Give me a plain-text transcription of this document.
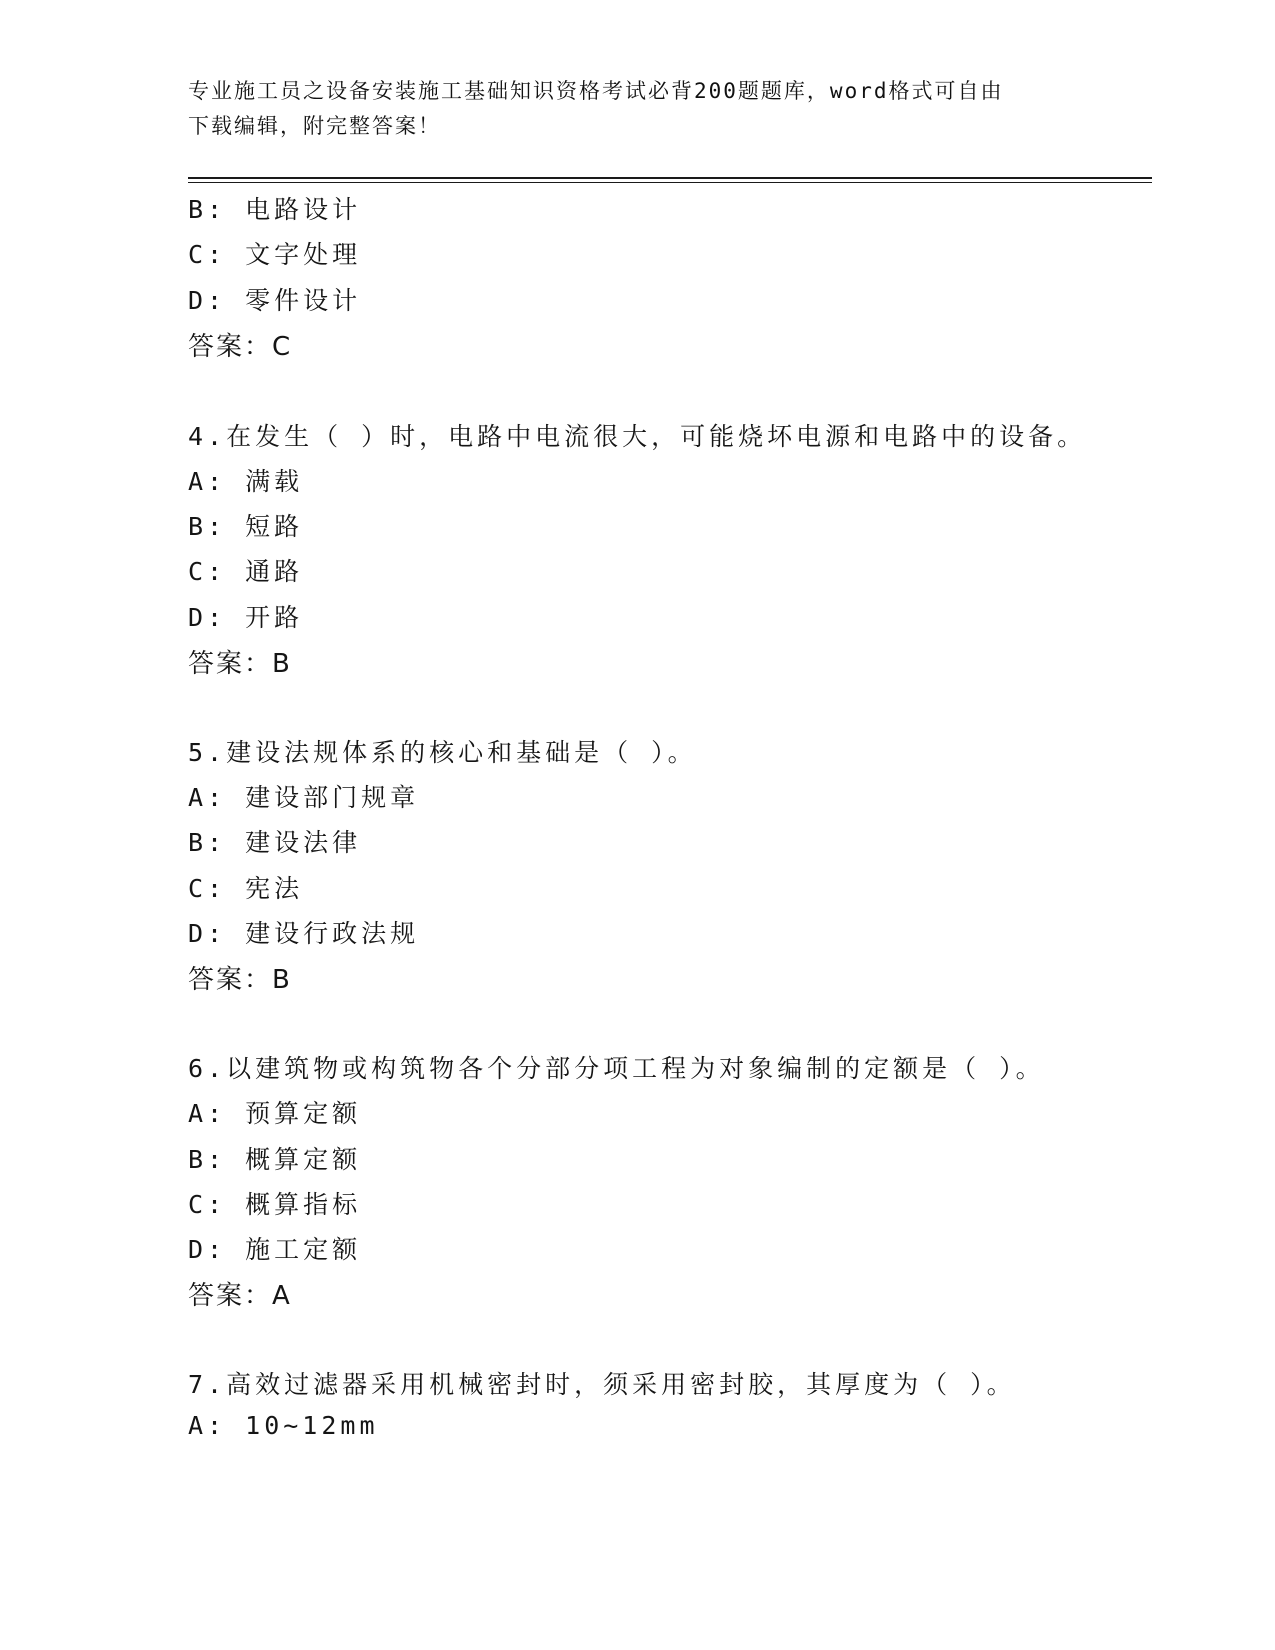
专业施工员之设备安装施工基础知识资格考试必背200题题库，word格式可自由
下载编辑，附完整答案！
B: 电路设计
C: 文字处理
D: 零件设计
答案：C
4.在发生（ ）时，电路中电流很大，可能烧坏电源和电路中的设备。
A: 满载
B: 短路
C: 通路
D: 开路
答案：B
5.建设法规体系的核心和基础是（ ）。
A: 建设部门规章
B: 建设法律
C: 宪法
D: 建设行政法规
答案：B
6.以建筑物或构筑物各个分部分项工程为对象编制的定额是（ ）。
A: 预算定额
B: 概算定额
C: 概算指标
D: 施工定额
答案：A
7.高效过滤器采用机械密封时，须采用密封胶，其厚度为（ ）。
A: 10~12mm
